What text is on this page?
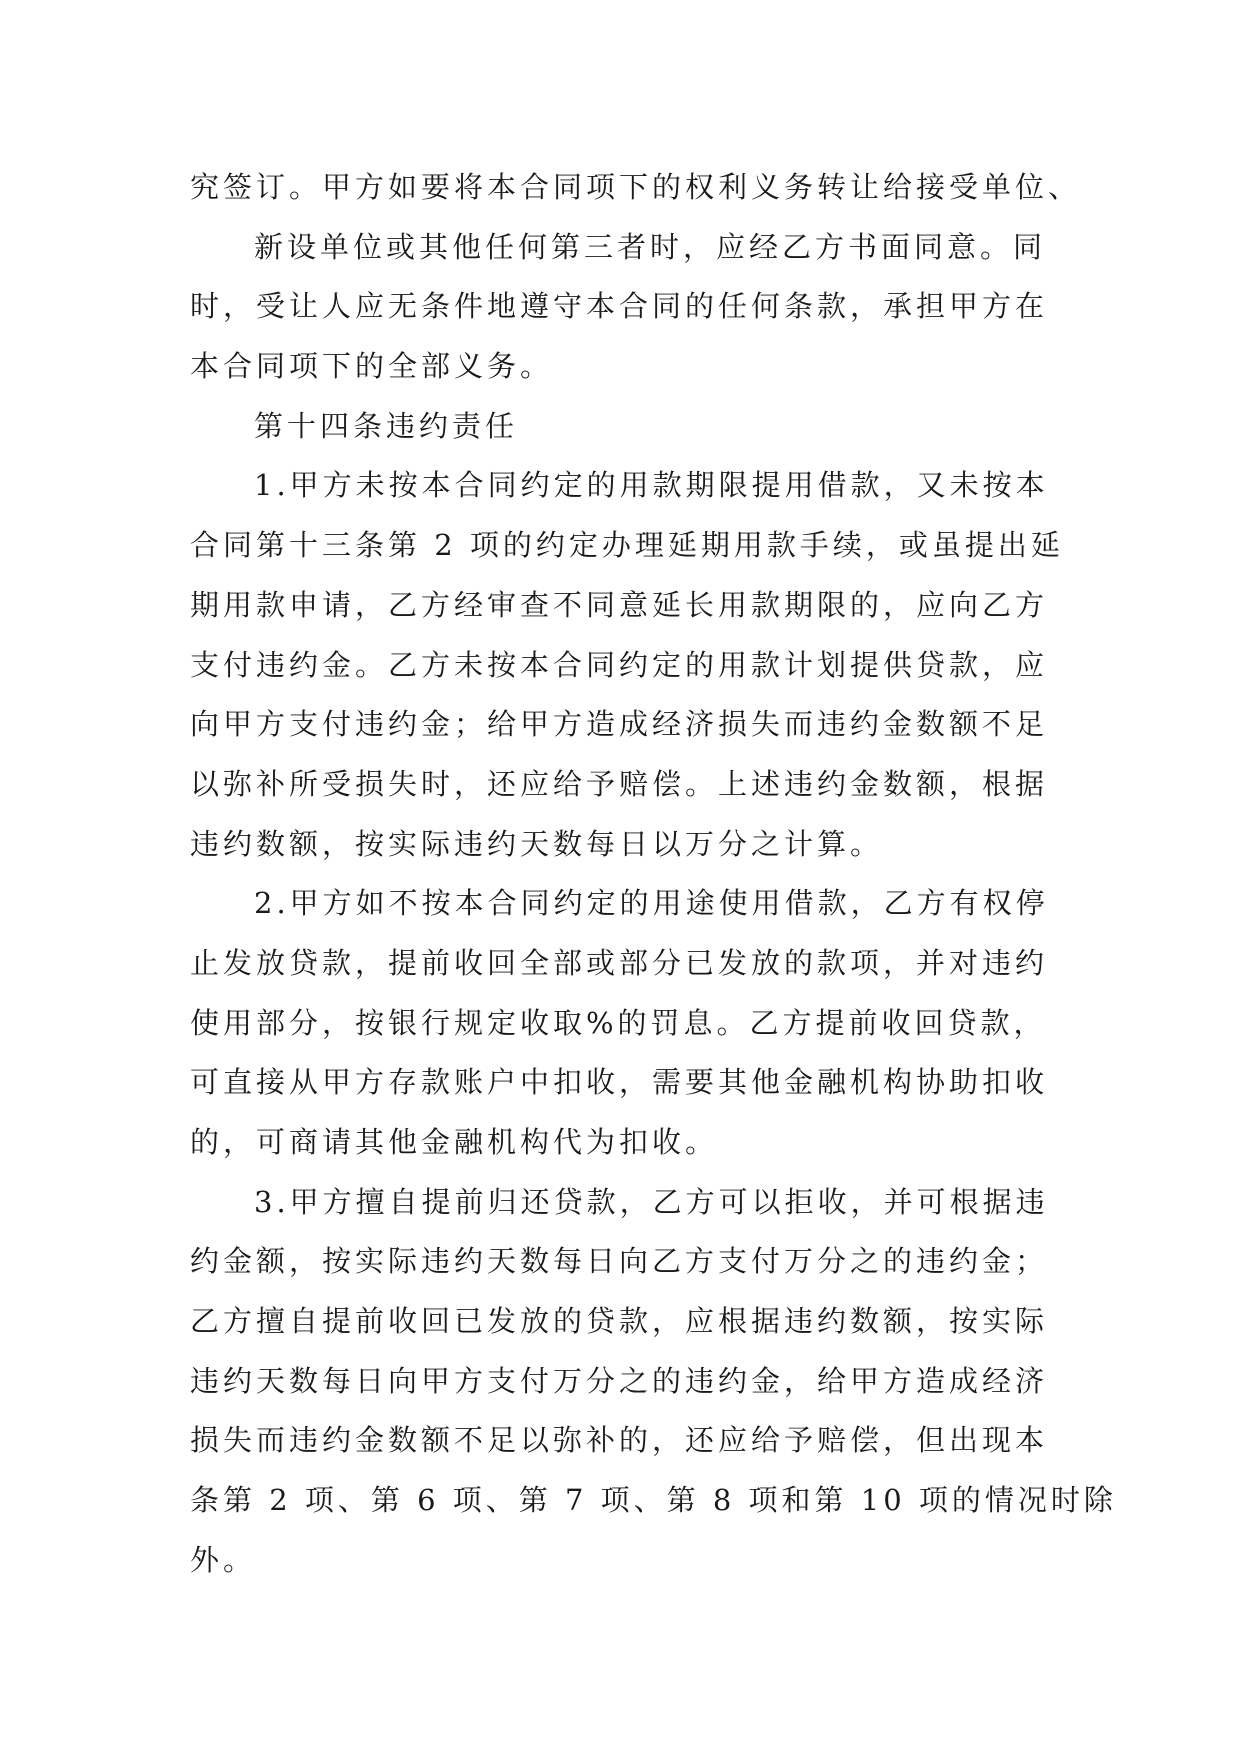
究签订。甲方如要将本合同项下的权利义务转让给接受单位、
新设单位或其他任何第三者时，应经乙方书面同意。同
时，受让人应无条件地遵守本合同的任何条款，承担甲方在
本合同项下的全部义务。
第十四条违约责任
1.甲方未按本合同约定的用款期限提用借款，又未按本
合同第十三条第 2 项的约定办理延期用款手续，或虽提出延
期用款申请，乙方经审查不同意延长用款期限的，应向乙方
支付违约金。乙方未按本合同约定的用款计划提供贷款，应
向甲方支付违约金；给甲方造成经济损失而违约金数额不足
以弥补所受损失时，还应给予赔偿。上述违约金数额，根据
违约数额，按实际违约天数每日以万分之计算。
2.甲方如不按本合同约定的用途使用借款，乙方有权停
止发放贷款，提前收回全部或部分已发放的款项，并对违约
使用部分，按银行规定收取%的罚息。乙方提前收回贷款，
可直接从甲方存款账户中扣收，需要其他金融机构协助扣收
的，可商请其他金融机构代为扣收。
3.甲方擅自提前归还贷款，乙方可以拒收，并可根据违
约金额，按实际违约天数每日向乙方支付万分之的违约金；
乙方擅自提前收回已发放的贷款，应根据违约数额，按实际
违约天数每日向甲方支付万分之的违约金，给甲方造成经济
损失而违约金数额不足以弥补的，还应给予赔偿，但出现本
条第 2 项、第 6 项、第 7 项、第 8 项和第 10 项的情况时除
外。
